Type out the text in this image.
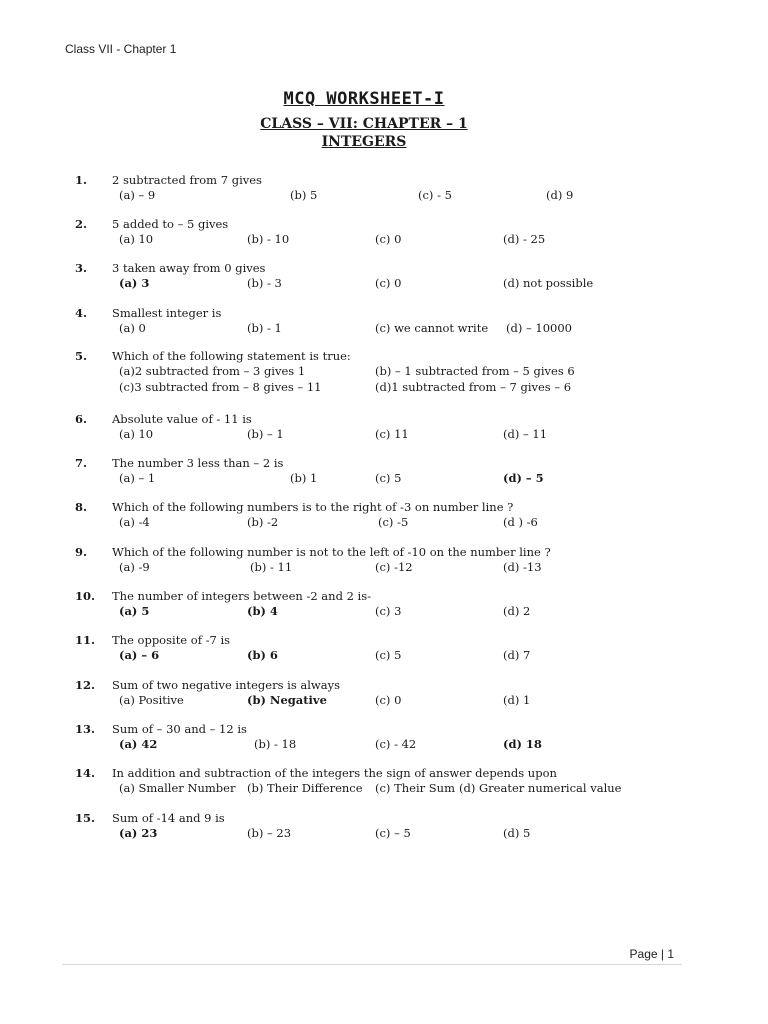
Class VII - Chapter 1
MCQ WORKSHEET-I
CLASS – VII: CHAPTER – 1
INTEGERS
1. 2 subtracted from 7 gives
(a) – 9	(b) 5	(c) - 5	(d) 9
2. 5 added to – 5 gives
(a) 10	(b) - 10	(c) 0	(d) - 25
3. 3 taken away from 0 gives
(a) 3	(b) - 3	(c) 0	(d) not possible
4. Smallest integer is
(a) 0	(b) - 1	(c) we cannot write (d) – 10000
5. Which of the following statement is true:
(a)2 subtracted from – 3 gives 1	(b) – 1 subtracted from – 5 gives 6
(c)3 subtracted from – 8 gives – 11	(d)1 subtracted from – 7 gives – 6
6. Absolute value of - 11 is
(a) 10	(b) – 1	(c) 11	(d) – 11
7. The number 3 less than – 2 is
(a) – 1	(b) 1	(c) 5	(d) – 5
8. Which of the following numbers is to the right of -3 on number line ?
(a) -4	(b) -2	(c) -5	(d ) -6
9. Which of the following number is not to the left of -10 on the number line ?
(a) -9	(b) - 11	(c) -12	(d) -13
10. The number of integers between -2 and 2 is-
(a) 5	(b) 4	(c) 3	(d) 2
11. The opposite of -7 is
(a) – 6	(b) 6	(c) 5	(d) 7
12. Sum of two negative integers is always
(a) Positive	(b) Negative	(c) 0	(d) 1
13. Sum of – 30 and – 12 is
(a) 42	(b) - 18	(c) - 42	(d) 18
14. In addition and subtraction of the integers the sign of answer depends upon
(a) Smaller Number (b) Their Difference (c) Their Sum (d) Greater numerical value
15. Sum of -14 and 9 is
(a) 23	(b) – 23	(c) – 5	(d) 5
Page | 1
